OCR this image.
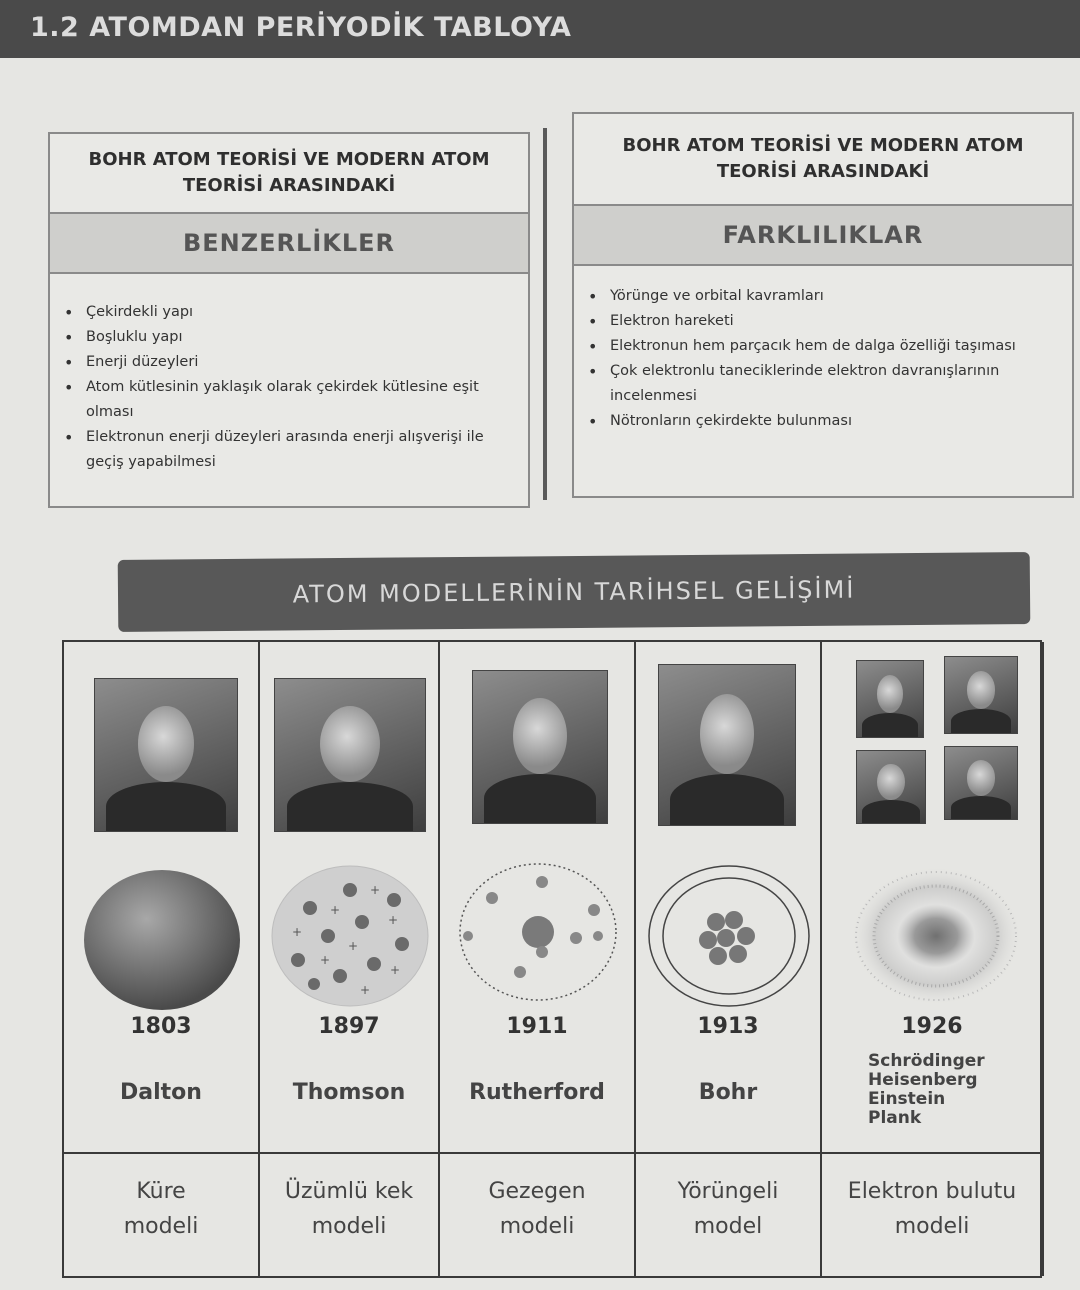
1.2 ATOMDAN PERİYODİK TABLOYA
BOHR ATOM TEORİSİ VE MODERN ATOM TEORİSİ ARASINDAKİ
BENZERLİKLER
• Çekirdekli yapı
• Boşluklu yapı
• Enerji düzeyleri
• Atom kütlesinin yaklaşık olarak çekirdek kütlesine eşit olması
• Elektronun enerji düzeyleri arasında enerji alışverişi ile geçiş yapabilmesi
BOHR ATOM TEORİSİ VE MODERN ATOM TEORİSİ ARASINDAKİ
FARKLILIKLAR
• Yörünge ve orbital kavramları
• Elektron hareketi
• Elektronun hem parçacık hem de dalga özelliği taşıması
• Çok elektronlu taneciklerinde elektron davranışlarının incelenmesi
• Nötronların çekirdekte bulunması
ATOM MODELLERİNİN TARİHSEL GELİŞİMİ
1803
Dalton
Küre modeli
+
+
+
+
+
+
+
+
1897
Thomson
Üzümlü kek modeli
1911
Rutherford
Gezegen modeli
1913
Bohr
Yörüngeli model
1926
Schrödinger
Heisenberg
Einstein
Plank
Elektron bulutu modeli
